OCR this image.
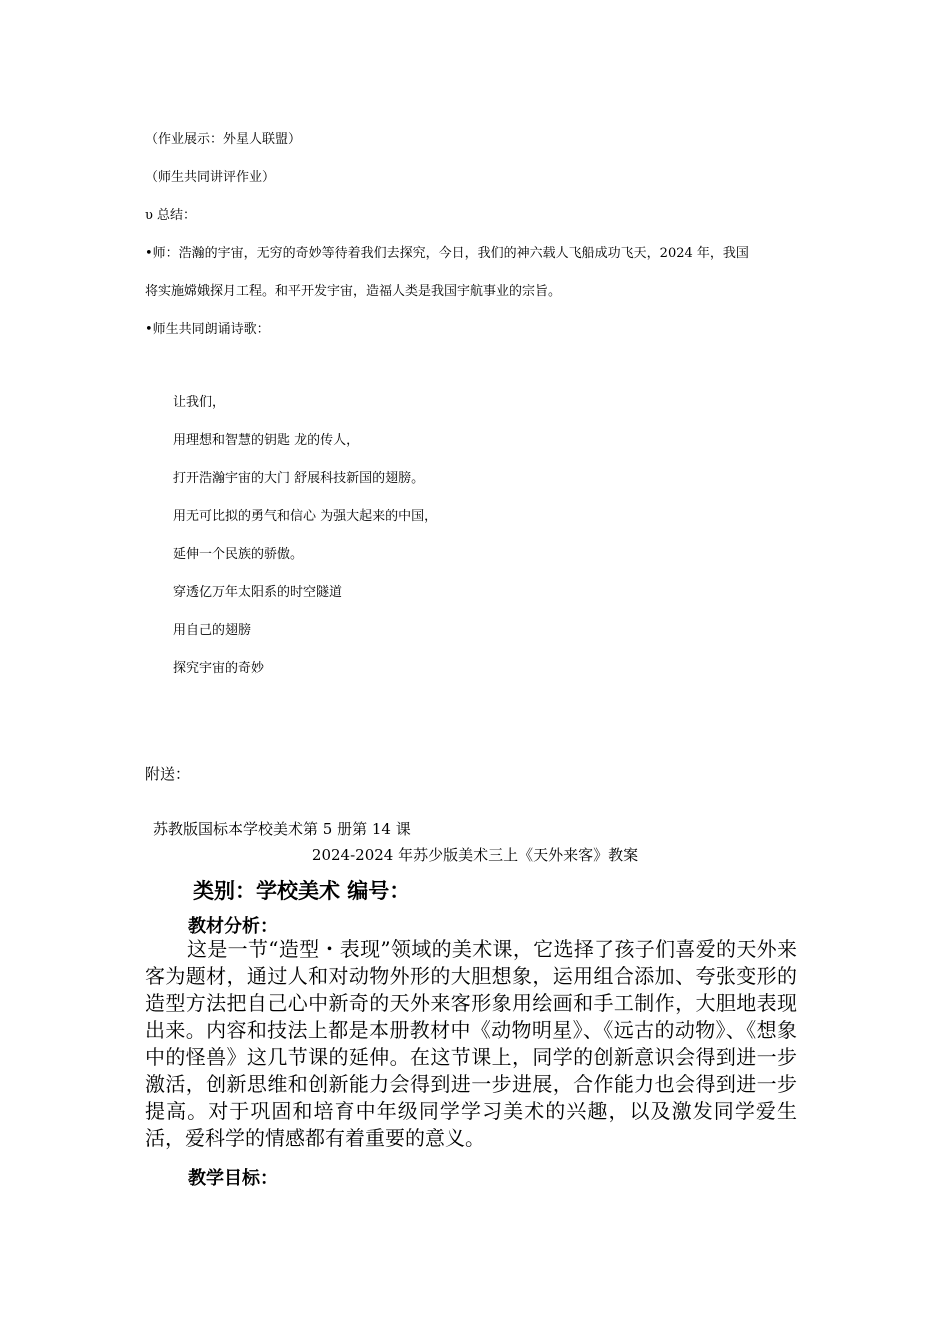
（作业展示：外星人联盟）
（师生共同讲评作业）
υ 总结：
•师：浩瀚的宇宙，无穷的奇妙等待着我们去探究，今日，我们的神六载人飞船成功飞天，2024 年，我国
将实施嫦娥探月工程。和平开发宇宙，造福人类是我国宇航事业的宗旨。
•师生共同朗诵诗歌：
让我们，
用理想和智慧的钥匙 龙的传人，
打开浩瀚宇宙的大门 舒展科技新国的翅膀。
用无可比拟的勇气和信心 为强大起来的中国，
延伸一个民族的骄傲。
穿透亿万年太阳系的时空隧道
用自己的翅膀
探究宇宙的奇妙
附送：
苏教版国标本学校美术第 5 册第 14 课
2024-2024 年苏少版美术三上《天外来客》教案
类别：学校美术 编号：
教材分析：
这是一节“造型・表现”领域的美术课，它选择了孩子们喜爱的天外来客为题材，通过人和对动物外形的大胆想象，运用组合添加、夸张变形的造型方法把自己心中新奇的天外来客形象用绘画和手工制作，大胆地表现出来。内容和技法上都是本册教材中《动物明星》、《远古的动物》、《想象中的怪兽》这几节课的延伸。在这节课上，同学的创新意识会得到进一步激活，创新思维和创新能力会得到进一步进展，合作能力也会得到进一步提高。对于巩固和培育中年级同学学习美术的兴趣，以及激发同学爱生活，爱科学的情感都有着重要的意义。
教学目标：
